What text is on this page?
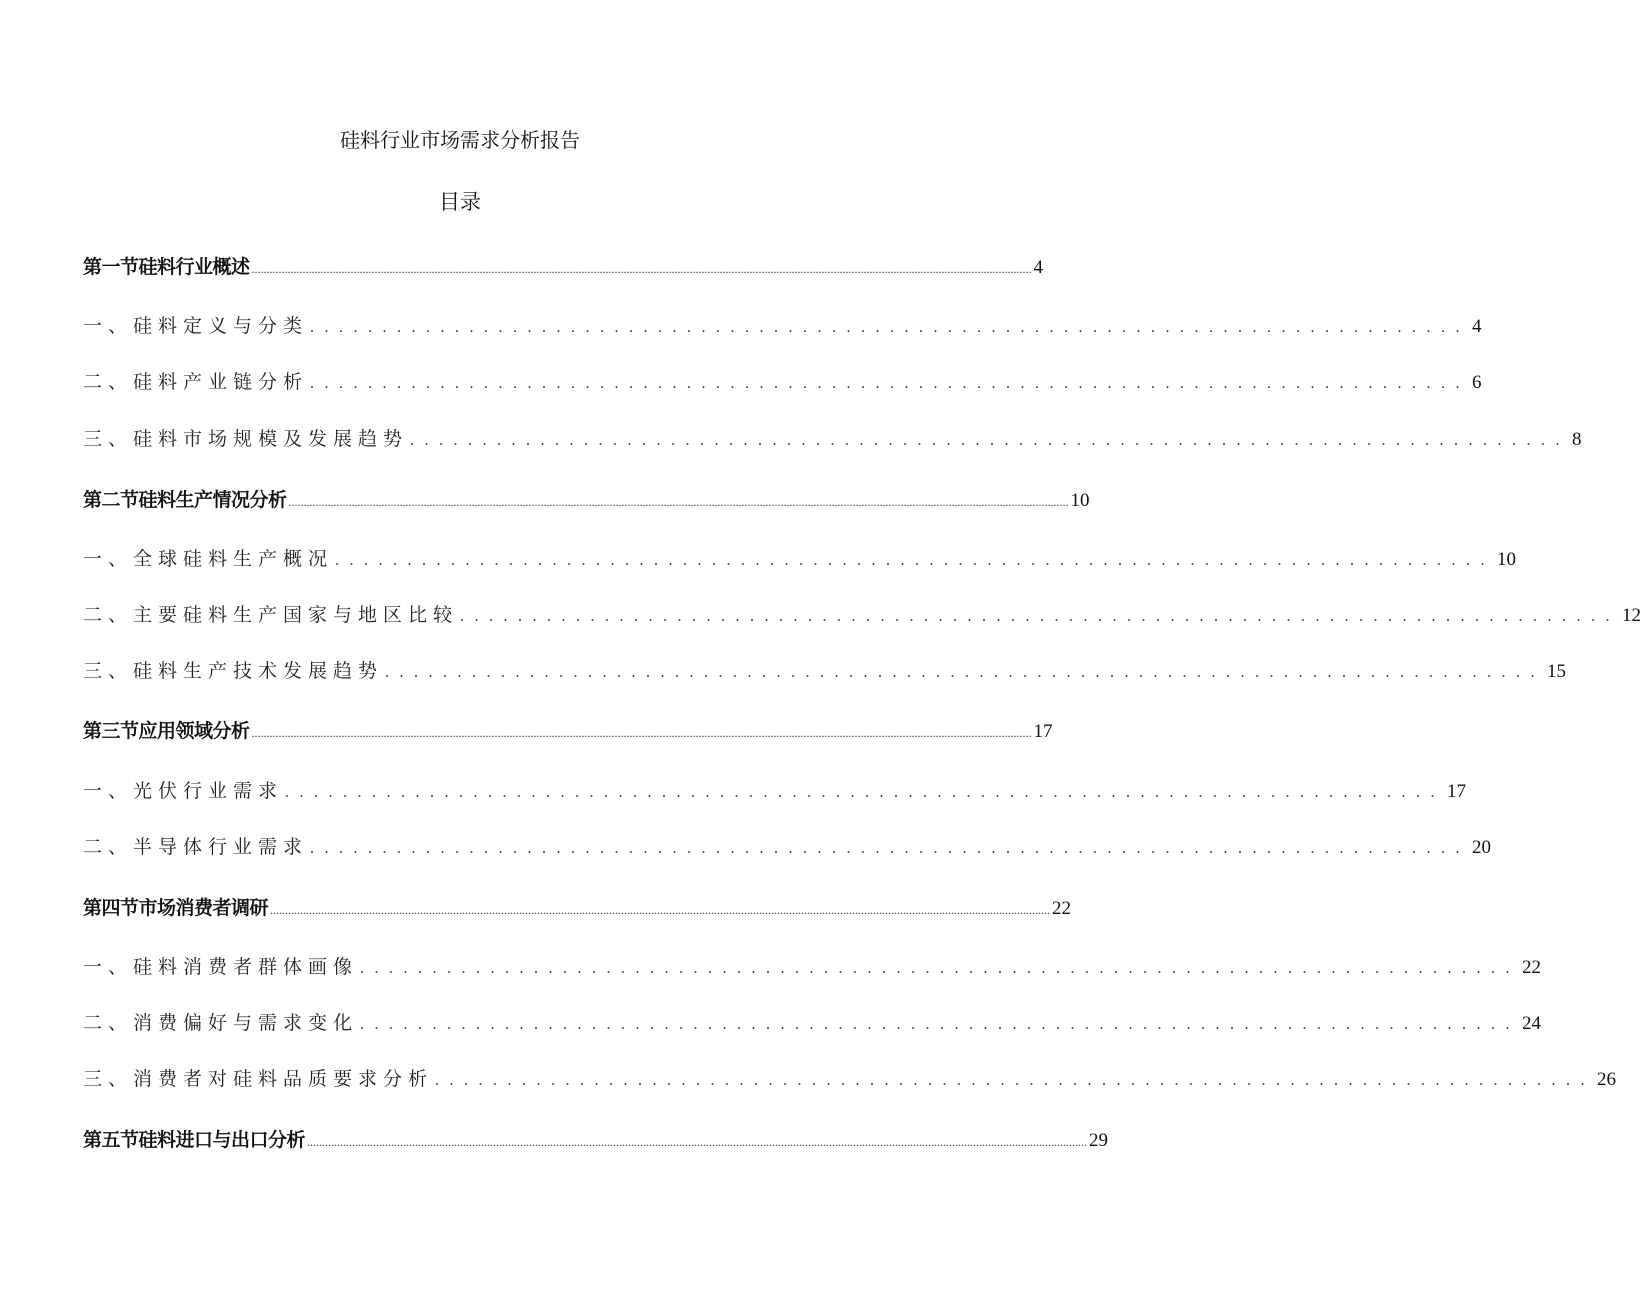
硅料行业市场需求分析报告
目录
第一节硅料行业概述 .................................................................................................................................................................................................................................................................... 4
一、硅料定义与分类 ................................................................................ 4
二、硅料产业链分析 ................................................................................ 6
三、硅料市场规模及发展趋势 ................................................................................ 8
第二节硅料生产情况分析 .................................................................................................................................................................................................................................................................... 10
一、全球硅料生产概况 ................................................................................ 10
二、主要硅料生产国家与地区比较 ................................................................................ 12
三、硅料生产技术发展趋势 ................................................................................ 15
第三节应用领域分析 .................................................................................................................................................................................................................................................................... 17
一、光伏行业需求 ................................................................................ 17
二、半导体行业需求 ................................................................................ 20
第四节市场消费者调研 .................................................................................................................................................................................................................................................................... 22
一、硅料消费者群体画像 ................................................................................ 22
二、消费偏好与需求变化 ................................................................................ 24
三、消费者对硅料品质要求分析 ................................................................................ 26
第五节硅料进口与出口分析 .................................................................................................................................................................................................................................................................... 29
